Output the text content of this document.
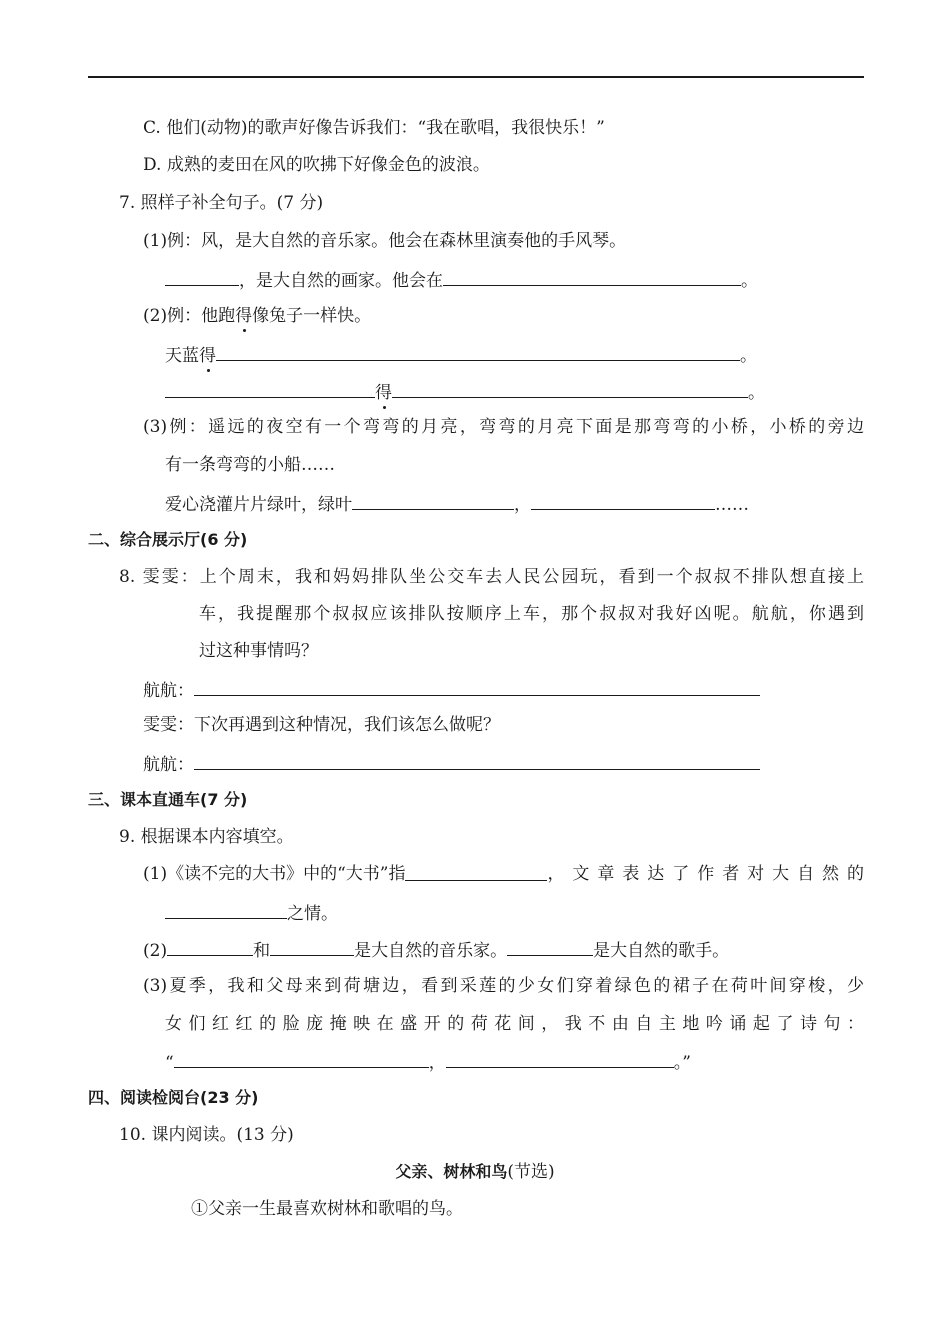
C. 他们(动物)的歌声好像告诉我们：“我在歌唱，我很快乐！”
D. 成熟的麦田在风的吹拂下好像金色的波浪。
7. 照样子补全句子。(7 分)
(1)例：风，是大自然的音乐家。他会在森林里演奏他的手风琴。
，是大自然的画家。他会在	。
(2)例：他跑得像兔子一样快。
天蓝得	。
得	。
(3)例：遥远的夜空有一个弯弯的月亮，弯弯的月亮下面是那弯弯的小桥，小桥的旁边
有一条弯弯的小船……
爱心浇灌片片绿叶，绿叶	，	……
二、综合展示厅(6 分)
8. 雯雯：上个周末，我和妈妈排队坐公交车去人民公园玩，看到一个叔叔不排队想直接上
车，我提醒那个叔叔应该排队按顺序上车，那个叔叔对我好凶呢。航航，你遇到
过这种事情吗？
航航：
雯雯：下次再遇到这种情况，我们该怎么做呢？
航航：
三、课本直通车(7 分)
9. 根据课本内容填空。
(1)《读不完的大书》中的“大书”指	，文章表达了作者对大自然的
之情。
(2)	和	是大自然的音乐家。	是大自然的歌手。
(3)夏季，我和父母来到荷塘边，看到采莲的少女们穿着绿色的裙子在荷叶间穿梭，少
女们红红的脸庞掩映在盛开的荷花间，我不由自主地吟诵起了诗句：
“	，	。”
四、阅读检阅台(23 分)
10. 课内阅读。(13 分)
父亲、树林和鸟(节选)
①父亲一生最喜欢树林和歌唱的鸟。
